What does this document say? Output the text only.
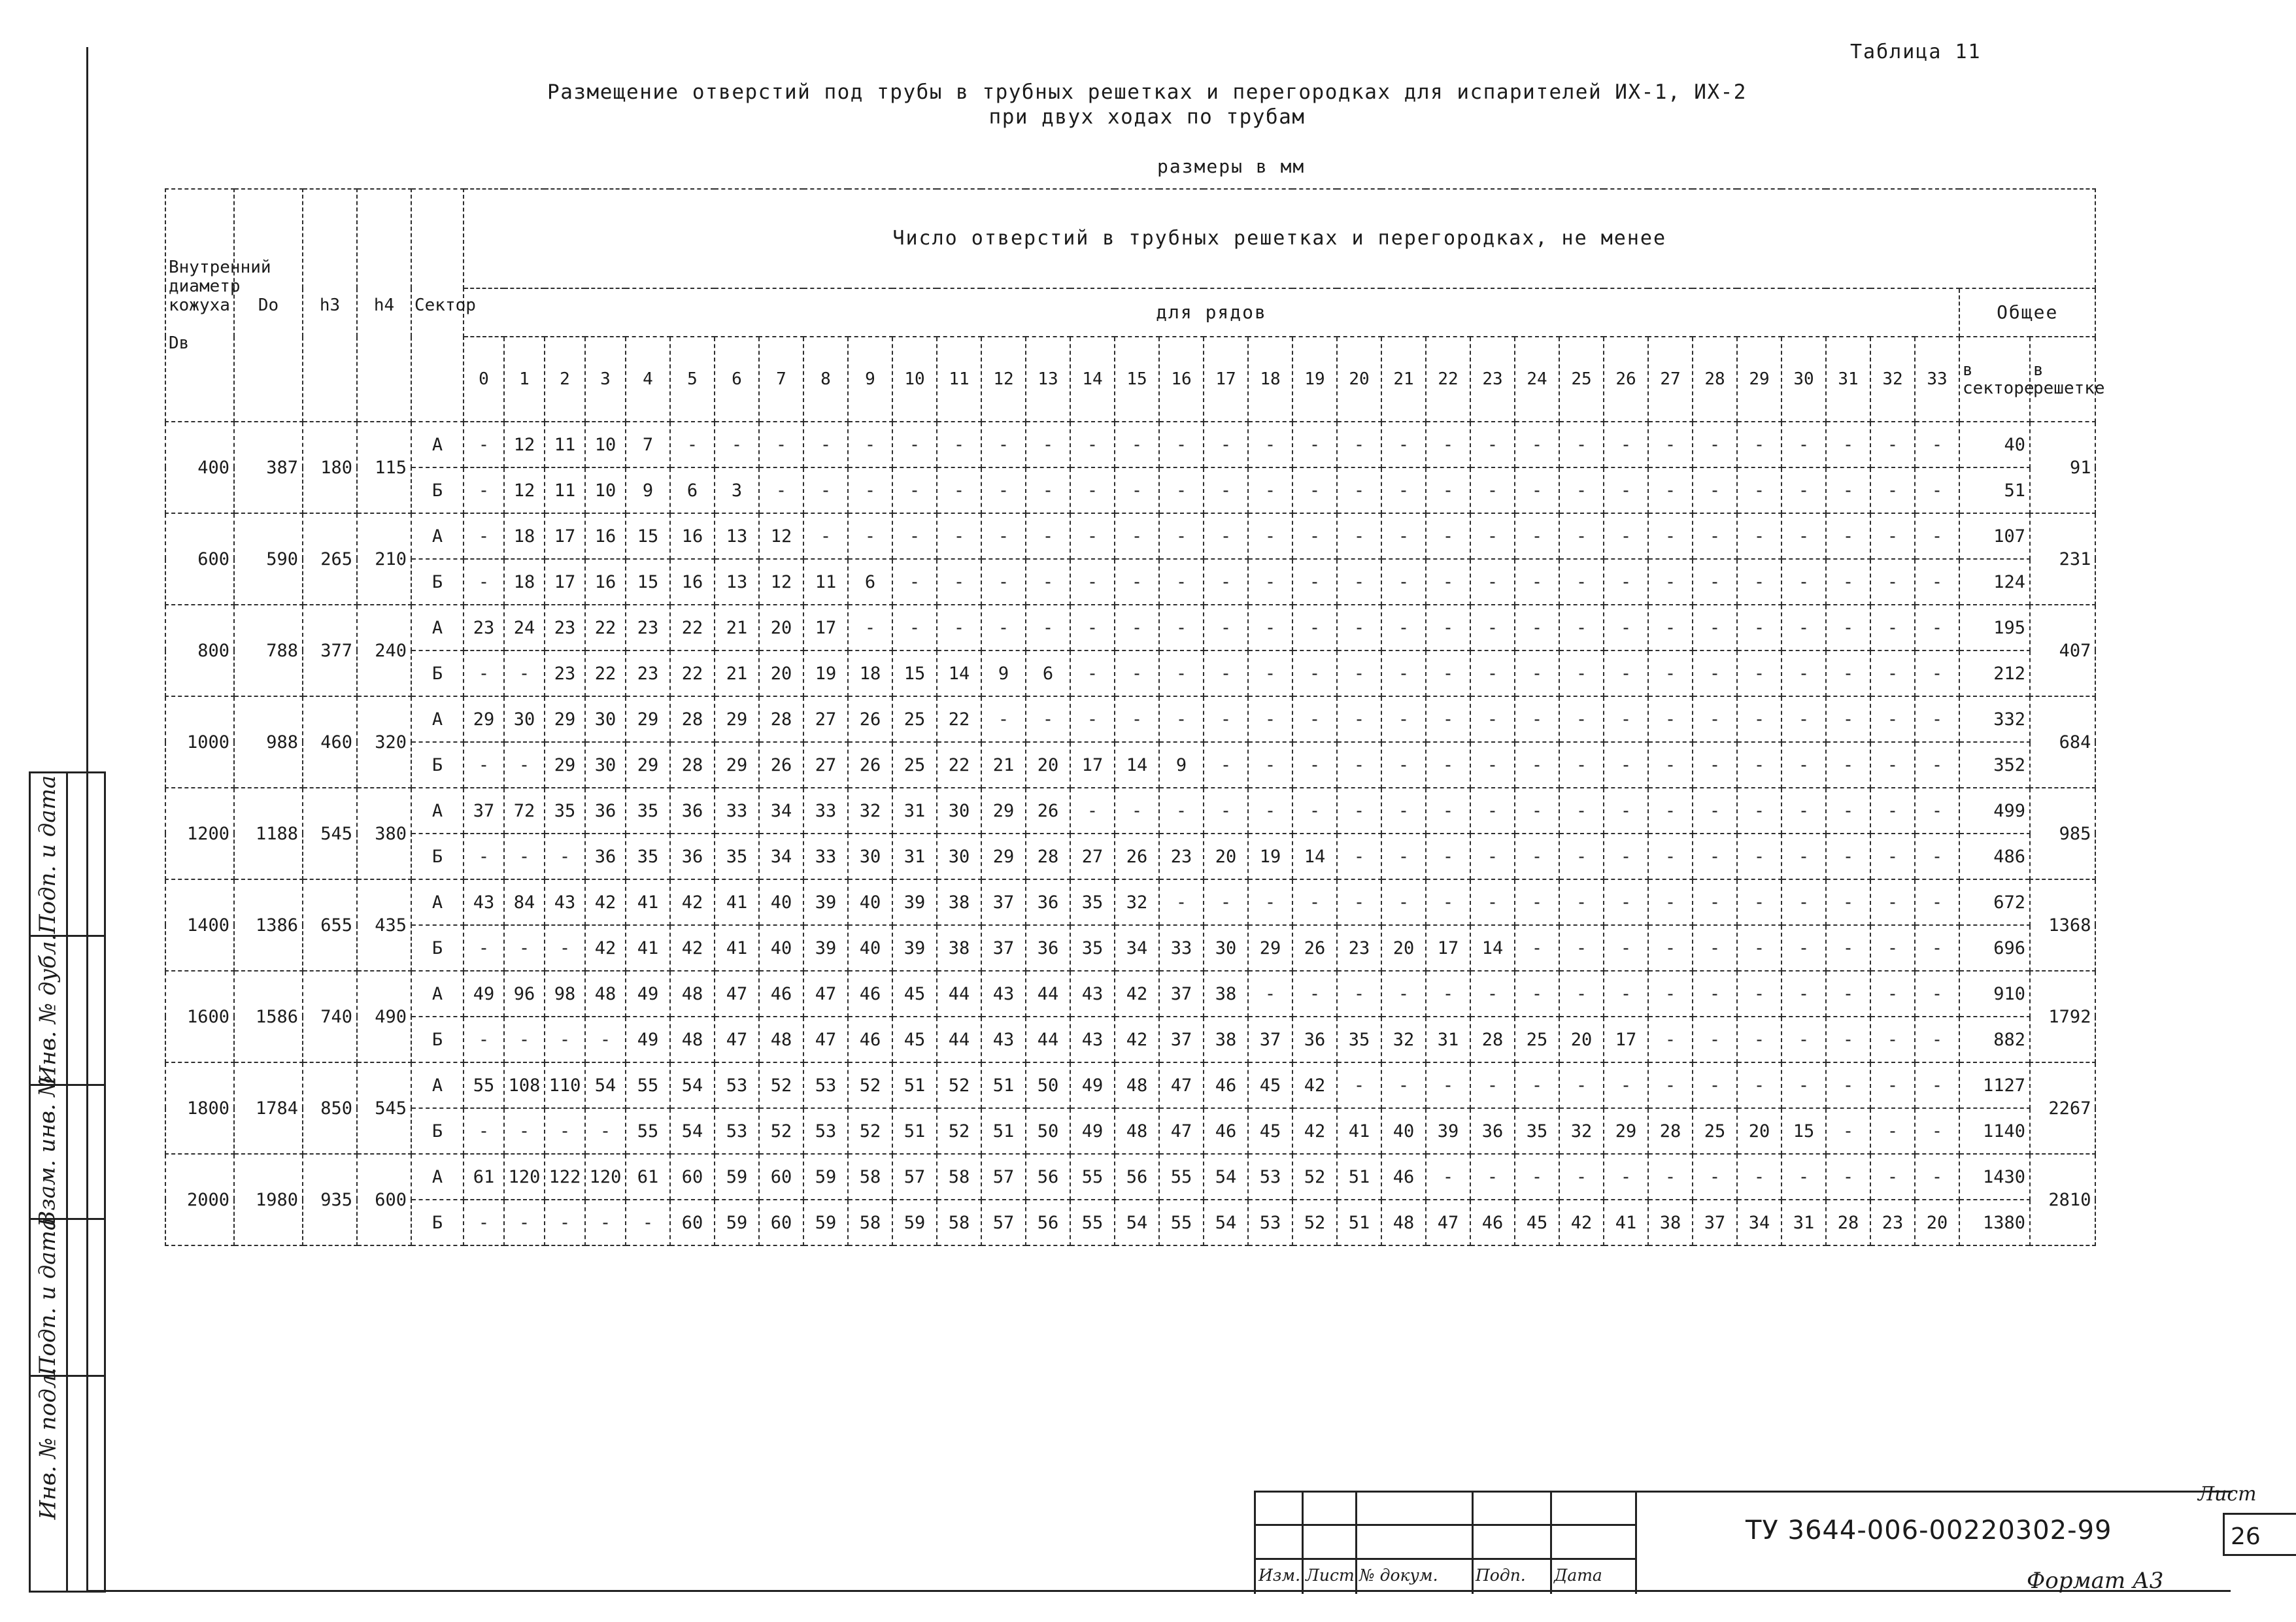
Таблица 11
Размещение отверстий под трубы в трубных решетках и перегородках для испарителей ИХ-1, ИХ-2
при двух ходах по трубам
размеры в мм
Внутренний диаметр кожуха

Dв	Do	h3	h4	Сектор	Число отверстий в трубных решетках и перегородках, не менее																																			
					для рядов																																		Общее	
					0	1	2	3	4	5	6	7	8	9	10	11	12	13	14	15	16	17	18	19	20	21	22	23	24	25	26	27	28	29	30	31	32	33	в секторе	в решетке
400	387	180	115	А	-	12	11	10	7	-	-	-	-	-	-	-	-	-	-	-	-	-	-	-	-	-	-	-	-	-	-	-	-	-	-	-	-	-	40	91
				Б	-	12	11	10	9	6	3	-	-	-	-	-	-	-	-	-	-	-	-	-	-	-	-	-	-	-	-	-	-	-	-	-	-	-	51	
600	590	265	210	А	-	18	17	16	15	16	13	12	-	-	-	-	-	-	-	-	-	-	-	-	-	-	-	-	-	-	-	-	-	-	-	-	-	-	107	231
				Б	-	18	17	16	15	16	13	12	11	6	-	-	-	-	-	-	-	-	-	-	-	-	-	-	-	-	-	-	-	-	-	-	-	-	124	
800	788	377	240	А	23	24	23	22	23	22	21	20	17	-	-	-	-	-	-	-	-	-	-	-	-	-	-	-	-	-	-	-	-	-	-	-	-	-	195	407
				Б	-	-	23	22	23	22	21	20	19	18	15	14	9	6	-	-	-	-	-	-	-	-	-	-	-	-	-	-	-	-	-	-	-	-	212	
1000	988	460	320	А	29	30	29	30	29	28	29	28	27	26	25	22	-	-	-	-	-	-	-	-	-	-	-	-	-	-	-	-	-	-	-	-	-	-	332	684
				Б	-	-	29	30	29	28	29	26	27	26	25	22	21	20	17	14	9	-	-	-	-	-	-	-	-	-	-	-	-	-	-	-	-	-	352	
1200	1188	545	380	А	37	72	35	36	35	36	33	34	33	32	31	30	29	26	-	-	-	-	-	-	-	-	-	-	-	-	-	-	-	-	-	-	-	-	499	985
				Б	-	-	-	36	35	36	35	34	33	30	31	30	29	28	27	26	23	20	19	14	-	-	-	-	-	-	-	-	-	-	-	-	-	-	486	
1400	1386	655	435	А	43	84	43	42	41	42	41	40	39	40	39	38	37	36	35	32	-	-	-	-	-	-	-	-	-	-	-	-	-	-	-	-	-	-	672	1368
				Б	-	-	-	42	41	42	41	40	39	40	39	38	37	36	35	34	33	30	29	26	23	20	17	14	-	-	-	-	-	-	-	-	-	-	696	
1600	1586	740	490	А	49	96	98	48	49	48	47	46	47	46	45	44	43	44	43	42	37	38	-	-	-	-	-	-	-	-	-	-	-	-	-	-	-	-	910	1792
				Б	-	-	-	-	49	48	47	48	47	46	45	44	43	44	43	42	37	38	37	36	35	32	31	28	25	20	17	-	-	-	-	-	-	-	882	
1800	1784	850	545	А	55	108	110	54	55	54	53	52	53	52	51	52	51	50	49	48	47	46	45	42	-	-	-	-	-	-	-	-	-	-	-	-	-	-	1127	2267
				Б	-	-	-	-	55	54	53	52	53	52	51	52	51	50	49	48	47	46	45	42	41	40	39	36	35	32	29	28	25	20	15	-	-	-	1140	
2000	1980	935	600	А	61	120	122	120	61	60	59	60	59	58	57	58	57	56	55	56	55	54	53	52	51	46	-	-	-	-	-	-	-	-	-	-	-	-	1430	2810
				Б	-	-	-	-	-	60	59	60	59	58	59	58	57	56	55	54	55	54	53	52	51	48	47	46	45	42	41	38	37	34	31	28	23	20	1380	
Инв. № подл.
Подп. и дата
Взам. инв. №
Инв. № дубл.
Подп. и дата
Изм. Лист № докум. Подп. Дата
ТУ 3644-006-00220302-99
Лист
26
Формат А3
